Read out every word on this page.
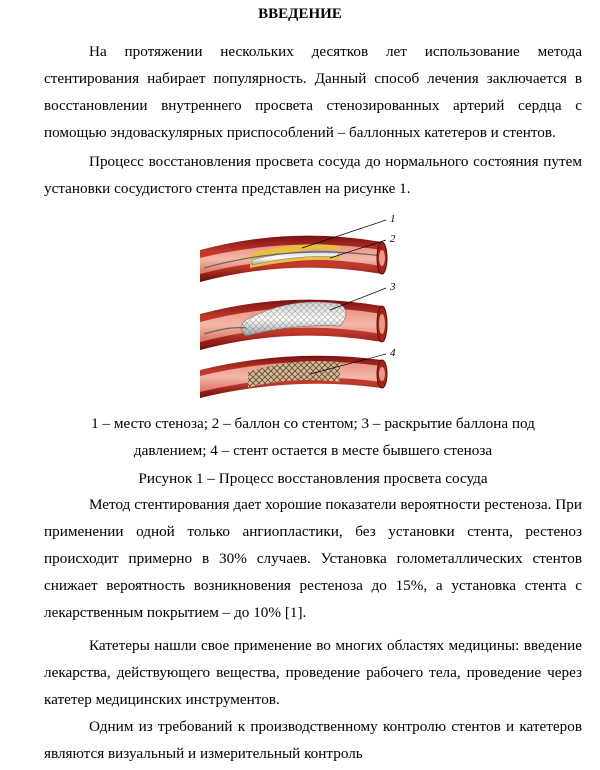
ВВЕДЕНИЕ

На протяжении нескольких десятков лет использование метода стентирования набирает популярность. Данный способ лечения заключается в восстановлении внутреннего просвета стенозированных артерий сердца с помощью эндоваскулярных приспособлений – баллонных катетеров и стентов.

Процесс восстановления просвета сосуда до нормального состояния путем установки сосудистого стента представлен на рисунке 1.

1
2
3
4

1 – место стеноза; 2 – баллон со стентом; 3 – раскрытие баллона под давлением; 4 – стент остается в месте бывшего стеноза

Рисунок 1 – Процесс восстановления просвета сосуда

Метод стентирования дает хорошие показатели вероятности рестеноза. При применении одной только ангиопластики, без установки стента, рестеноз происходит примерно в 30% случаев. Установка голометаллических стентов снижает вероятность возникновения рестеноза до 15%, а установка стента с лекарственным покрытием – до 10% [1].

Катетеры нашли свое применение во многих областях медицины: введение лекарства, действующего вещества, проведение рабочего тела, проведение через катетер медицинских инструментов.

Одним из требований к производственному контролю стентов и катетеров являются визуальный и измерительный контроль
